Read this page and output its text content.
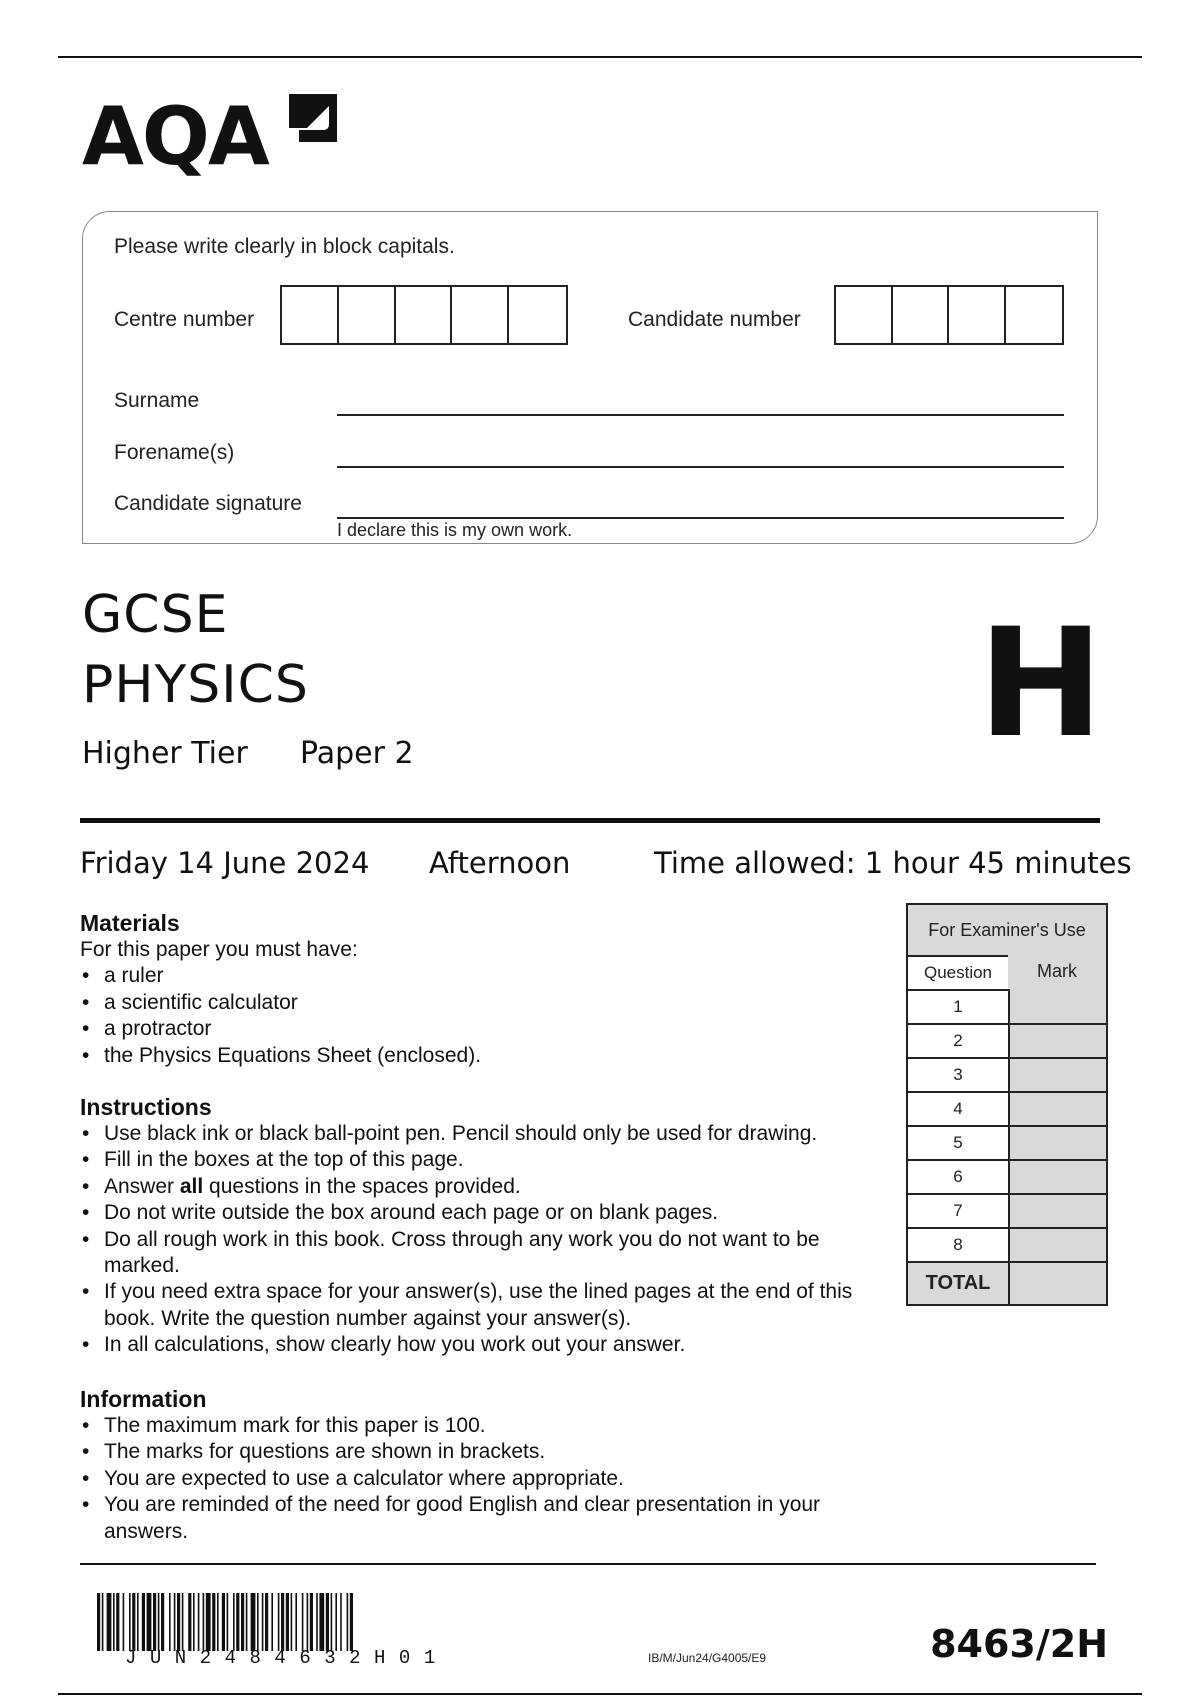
AQA
Please write clearly in block capitals.
Centre number	Candidate number
Surname
Forename(s)
Candidate signature
I declare this is my own work.
GCSE
PHYSICS
Higher Tier Paper 2	H
Friday 14 June 2024 Afternoon	Time allowed: 1 hour 45 minutes
Materials

For this paper you must have:

• a ruler
• a scientific calculator
• a protractor
• the Physics Equations Sheet (enclosed).
Instructions
• Use black ink or black ball-point pen. Pencil should only be used for drawing.
• Fill in the boxes at the top of this page.
• Answer all questions in the spaces provided.
• Do not write outside the box around each page or on blank pages.
• Do all rough work in this book. Cross through any work you do not want to be marked.
• If you need extra space for your answer(s), use the lined pages at the end of this book. Write the question number against your answer(s).
• In all calculations, show clearly how you work out your answer.
Information
• The maximum mark for this paper is 100.
• The marks for questions are shown in brackets.
• You are expected to use a calculator where appropriate.
• You are reminded of the need for good English and clear presentation in your answers.
For Examiner's Use
Question	Mark
1
2
3
4
5
6
7
8
TOTAL
JUN2484632H01	IB/M/Jun24/G4005/E9	8463/2H
